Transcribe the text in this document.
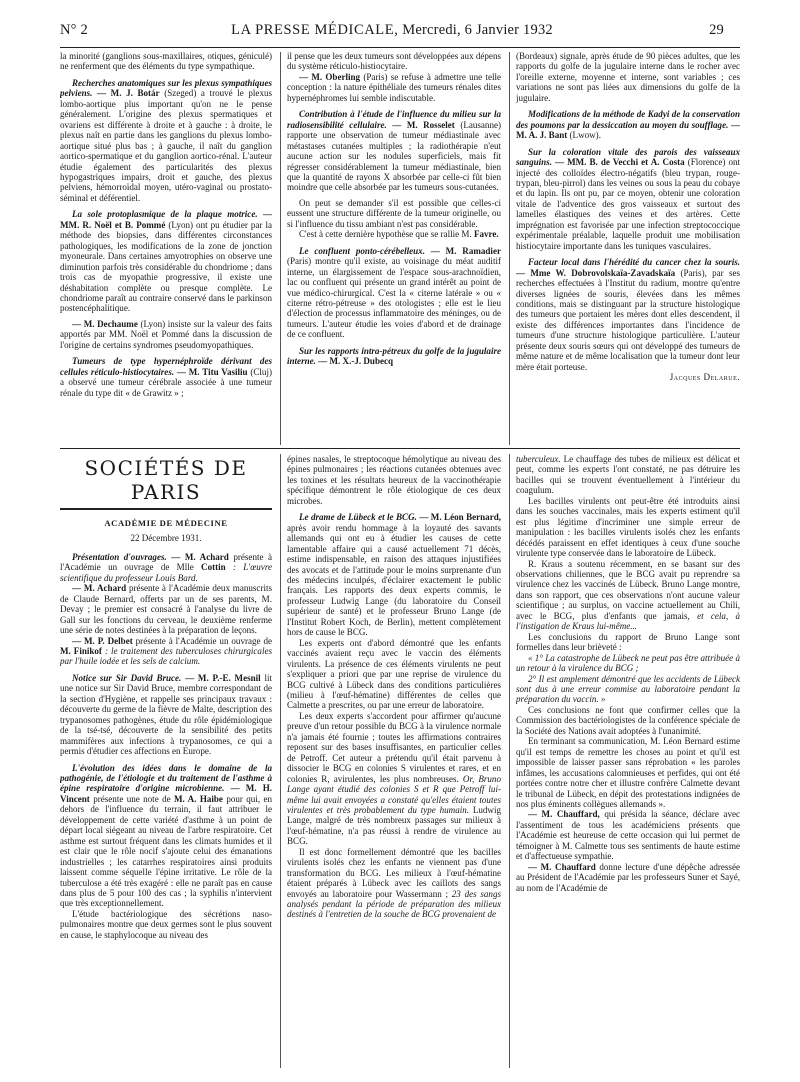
N° 2	LA PRESSE MÉDICALE, Mercredi, 6 Janvier 1932	29

la minorité (ganglions sous-maxillaires, otiques, géniculé) ne renferment que des éléments du type sympathique.

Recherches anatomiques sur les plexus sympathiques pelviens. — M. J. Botár (Szeged) a trouvé le plexus lombo-aortique plus important qu'on ne le pense généralement. L'origine des plexus spermatiques et ovariens est différente à droite et à gauche : à droite, le plexus naît en partie dans les ganglions du plexus lombo-aortique situé plus bas ; à gauche, il naît du ganglion aortico-spermatique et du ganglion aortico-rénal. L'auteur étudie également des particularités des plexus hypogastriques impairs, droit et gauche, des plexus pelviens, hémorroïdal moyen, utéro-vaginal ou prostato-séminal et déférentiel.

La sole protoplasmique de la plaque motrice. — MM. R. Noël et B. Pommé (Lyon) ont pu étudier par la méthode des biopsies, dans différentes circonstances pathologiques, les modifications de la zone de jonction myoneurale. Dans certaines amyotrophies on observe une diminution parfois très considérable du chondriome ; dans trois cas de myopathie progressive, il existe une déshabitation complète ou presque complète. Le chondriome paraît au contraire conservé dans le parkinson postencéphalitique.

— M. Dechaume (Lyon) insiste sur la valeur des faits apportés par MM. Noël et Pommé dans la discussion de l'origine de certains syndromes pseudomyopathiques.

Tumeurs de type hypernéphroïde dérivant des cellules réticulo-histiocytaires. — M. Titu Vasiliu (Cluj) a observé une tumeur cérébrale associée à une tumeur rénale du type dit « de Grawitz » ;

il pense que les deux tumeurs sont développées aux dépens du système réticulo-histiocytaire.

— M. Oberling (Paris) se refuse à admettre une telle conception : la nature épithéliale des tumeurs rénales dites hypernéphromes lui semble indiscutable.

Contribution à l'étude de l'influence du milieu sur la radiosensibilité cellulaire. — M. Rosselet (Lausanne) rapporte une observation de tumeur médiastinale avec métastases cutanées multiples ; la radiothérapie n'eut aucune action sur les nodules superficiels, mais fit régresser considérablement la tumeur médiastinale, bien que la quantité de rayons X absorbée par celle-ci fût bien moindre que celle absorbée par les tumeurs sous-cutanées.

On peut se demander s'il est possible que celles-ci eussent une structure différente de la tumeur originelle, ou si l'influence du tissu ambiant n'est pas considérable.

C'est à cette dernière hypothèse que se rallie M. Favre.

Le confluent ponto-cérébelleux. — M. Ramadier (Paris) montre qu'il existe, au voisinage du méat auditif interne, un élargissement de l'espace sous-arachnoïdien, lac ou confluent qui présente un grand intérêt au point de vue médico-chirurgical. C'est la « citerne latérale » ou « citerne rétro-pétreuse » des otologistes ; elle est le lieu d'élection de processus inflammatoire des méninges, ou de tumeurs. L'auteur étudie les voies d'abord et de drainage de ce confluent.

Sur les rapports intra-pétreux du golfe de la jugulaire interne. — M. X.-J. Dubecq

(Bordeaux) signale, après étude de 90 pièces adultes, que les rapports du golfe de la jugulaire interne dans le rocher avec l'oreille externe, moyenne et interne, sont variables ; ces variations ne sont pas liées aux dimensions du golfe de la jugulaire.

Modifications de la méthode de Kadyi de la conservation des poumons par la dessiccation au moyen du soufflage. — M. A. J. Bant (Lwow).

Sur la coloration vitale des parois des vaisseaux sanguins. — MM. B. de Vecchi et A. Costa (Florence) ont injecté des colloïdes électro-négatifs (bleu trypan, rouge-trypan, bleu-pirrol) dans les veines ou sous la peau du cobaye et du lapin. Ils ont pu, par ce moyen, obtenir une coloration vitale de l'adventice des gros vaisseaux et surtout des lamelles élastiques des veines et des artères. Cette imprégnation est favorisée par une infection streptococcique expérimentale préalable, laquelle produit une mobilisation histiocytaire importante dans les tuniques vasculaires.

Facteur local dans l'hérédité du cancer chez la souris. — Mme W. Dobrovolskaïa-Zavadskaïa (Paris), par ses recherches effectuées à l'Institut du radium, montre qu'entre diverses lignées de souris, élevées dans les mêmes conditions, mais se distinguant par la structure histologique des tumeurs que portaient les mères dont elles descendent, il existe des différences importantes dans l'incidence de tumeurs d'une structure histologique particulière. L'auteur présente deux souris sœurs qui ont développé des tumeurs de même nature et de même localisation que la tumeur dont leur mère était porteuse.

Jacques Delarue.

SOCIÉTÉS DE PARIS
ACADÉMIE DE MÉDECINE
22 Décembre 1931.

Présentation d'ouvrages. — M. Achard présente à l'Académie un ouvrage de Mlle Cottin : L'œuvre scientifique du professeur Louis Bard.

— M. Achard présente à l'Académie deux manuscrits de Claude Bernard, offerts par un de ses parents, M. Devay ; le premier est consacré à l'analyse du livre de Gall sur les fonctions du cerveau, le deuxième renferme une série de notes destinées à la préparation de leçons.

— M. P. Delbet présente à l'Académie un ouvrage de M. Finikof : le traitement des tuberculoses chirurgicales par l'huile iodée et les sels de calcium.

Notice sur Sir David Bruce. — M. P.-E. Mesnil lit une notice sur Sir David Bruce, membre correspondant de la section d'Hygiène, et rappelle ses principaux travaux : découverte du germe de la fièvre de Malte, description des trypanosomes pathogènes, étude du rôle épidémiologique de la tsé-tsé, découverte de la sensibilité des petits mammifères aux infections à trypanosomes, ce qui a permis d'étudier ces affections en Europe.

L'évolution des idées dans le domaine de la pathogénie, de l'étiologie et du traitement de l'asthme à épine respiratoire d'origine microbienne. — M. H. Vincent présente une note de M. A. Haibe pour qui, en dehors de l'influence du terrain, il faut attribuer le développement de cette variété d'asthme à un point de départ local siégeant au niveau de l'arbre respiratoire. Cet asthme est surtout fréquent dans les climats humides et il est clair que le rôle nocif s'ajoute celui des émanations industrielles ; les catarrhes respiratoires ainsi produits laissent comme séquelle l'épine irritative. Le rôle de la tuberculose a été très exagéré : elle ne paraît pas en cause dans plus de 5 pour 100 des cas ; la syphilis n'intervient que très exceptionnellement.

L'étude bactériologique des sécrétions naso-pulmonaires montre que deux germes sont le plus souvent en cause, le staphylocoque au niveau des

épines nasales, le streptocoque hémolytique au niveau des épines pulmonaires ; les réactions cutanées obtenues avec les toxines et les résultats heureux de la vaccinothérapie spécifique démontrent le rôle étiologique de ces deux microbes.

Le drame de Lübeck et le BCG. — M. Léon Bernard, après avoir rendu hommage à la loyauté des savants allemands qui ont eu à étudier les causes de cette lamentable affaire qui a causé actuellement 71 décès, estime indispensable, en raison des attaques injustifiées des avocats et de l'attitude pour le moins surprenante d'un des médecins inculpés, d'éclairer exactement le public français. Les rapports des deux experts commis, le professeur Ludwig Lange (du laboratoire du Conseil supérieur de santé) et le professeur Bruno Lange (de l'Institut Robert Koch, de Berlin), mettent complètement hors de cause le BCG.

Les experts ont d'abord démontré que les enfants vaccinés avaient reçu avec le vaccin des éléments virulents. La présence de ces éléments virulents ne peut s'expliquer a priori que par une reprise de virulence du BCG cultivé à Lübeck dans des conditions particulières (milieu à l'œuf-hématine) différentes de celles que Calmette a prescrites, ou par une erreur de laboratoire.

Les deux experts s'accordent pour affirmer qu'aucune preuve d'un retour possible du BCG à la virulence normale n'a jamais été fournie ; toutes les affirmations contraires reposent sur des bases insuffisantes, en particulier celles de Petroff. Cet auteur a prétendu qu'il était parvenu à dissocier le BCG en colonies S virulentes et rares, et en colonies R, avirulentes, les plus nombreuses. Or, Bruno Lange ayant étudié des colonies S et R que Petroff lui-même lui avait envoyées a constaté qu'elles étaient toutes virulentes et très probablement du type humain. Ludwig Lange, malgré de très nombreux passages sur milieux à l'œuf-hématine, n'a pas réussi à rendre de virulence au BCG.

Il est donc formellement démontré que les bacilles virulents isolés chez les enfants ne viennent pas d'une transformation du BCG. Les milieux à l'œuf-hématine étaient préparés à Lübeck avec les caillots des sangs envoyés au laboratoire pour Wassermann ; 23 des sangs analysés pendant la période de préparation des milieux destinés à l'entretien de la souche de BCG provenaient de

tuberculeux. Le chauffage des tubes de milieux est délicat et peut, comme les experts l'ont constaté, ne pas détruire les bacilles qui se trouvent éventuellement à l'intérieur du coagulum.

Les bacilles virulents ont peut-être été introduits ainsi dans les souches vaccinales, mais les experts estiment qu'il est plus légitime d'incriminer une simple erreur de manipulation : les bacilles virulents isolés chez les enfants décédés paraissent en effet identiques à ceux d'une souche virulente type conservée dans le laboratoire de Lübeck.

R. Kraus a soutenu récemment, en se basant sur des observations chiliennes, que le BCG avait pu reprendre sa virulence chez les vaccinés de Lübeck. Bruno Lange montre, dans son rapport, que ces observations n'ont aucune valeur scientifique ; au surplus, on vaccine actuellement au Chili, avec le BCG, plus d'enfants que jamais, et cela, à l'instigation de Kraus lui-même...

Les conclusions du rapport de Bruno Lange sont formelles dans leur brièveté :

« 1° La catastrophe de Lübeck ne peut pas être attribuée à un retour à la virulence du BCG ;

2° Il est amplement démontré que les accidents de Lübeck sont dus à une erreur commise au laboratoire pendant la préparation du vaccin. »

Ces conclusions ne font que confirmer celles que la Commission des bactériologistes de la conférence spéciale de la Société des Nations avait adoptées à l'unanimité.

En terminant sa communication, M. Léon Bernard estime qu'il est temps de remettre les choses au point et qu'il est impossible de laisser passer sans réprobation « les paroles infâmes, les accusations calomnieuses et perfides, qui ont été portées contre notre cher et illustre confrère Calmette devant le tribunal de Lübeck, en dépit des protestations indignées de nos plus éminents collègues allemands ».

— M. Chauffard, qui présida la séance, déclare avec l'assentiment de tous les académiciens présents que l'Académie est heureuse de cette occasion qui lui permet de témoigner à M. Calmette tous ses sentiments de haute estime et d'affectueuse sympathie.

— M. Chauffard donne lecture d'une dépêche adressée au Président de l'Académie par les professeurs Suner et Sayé, au nom de l'Académie de
